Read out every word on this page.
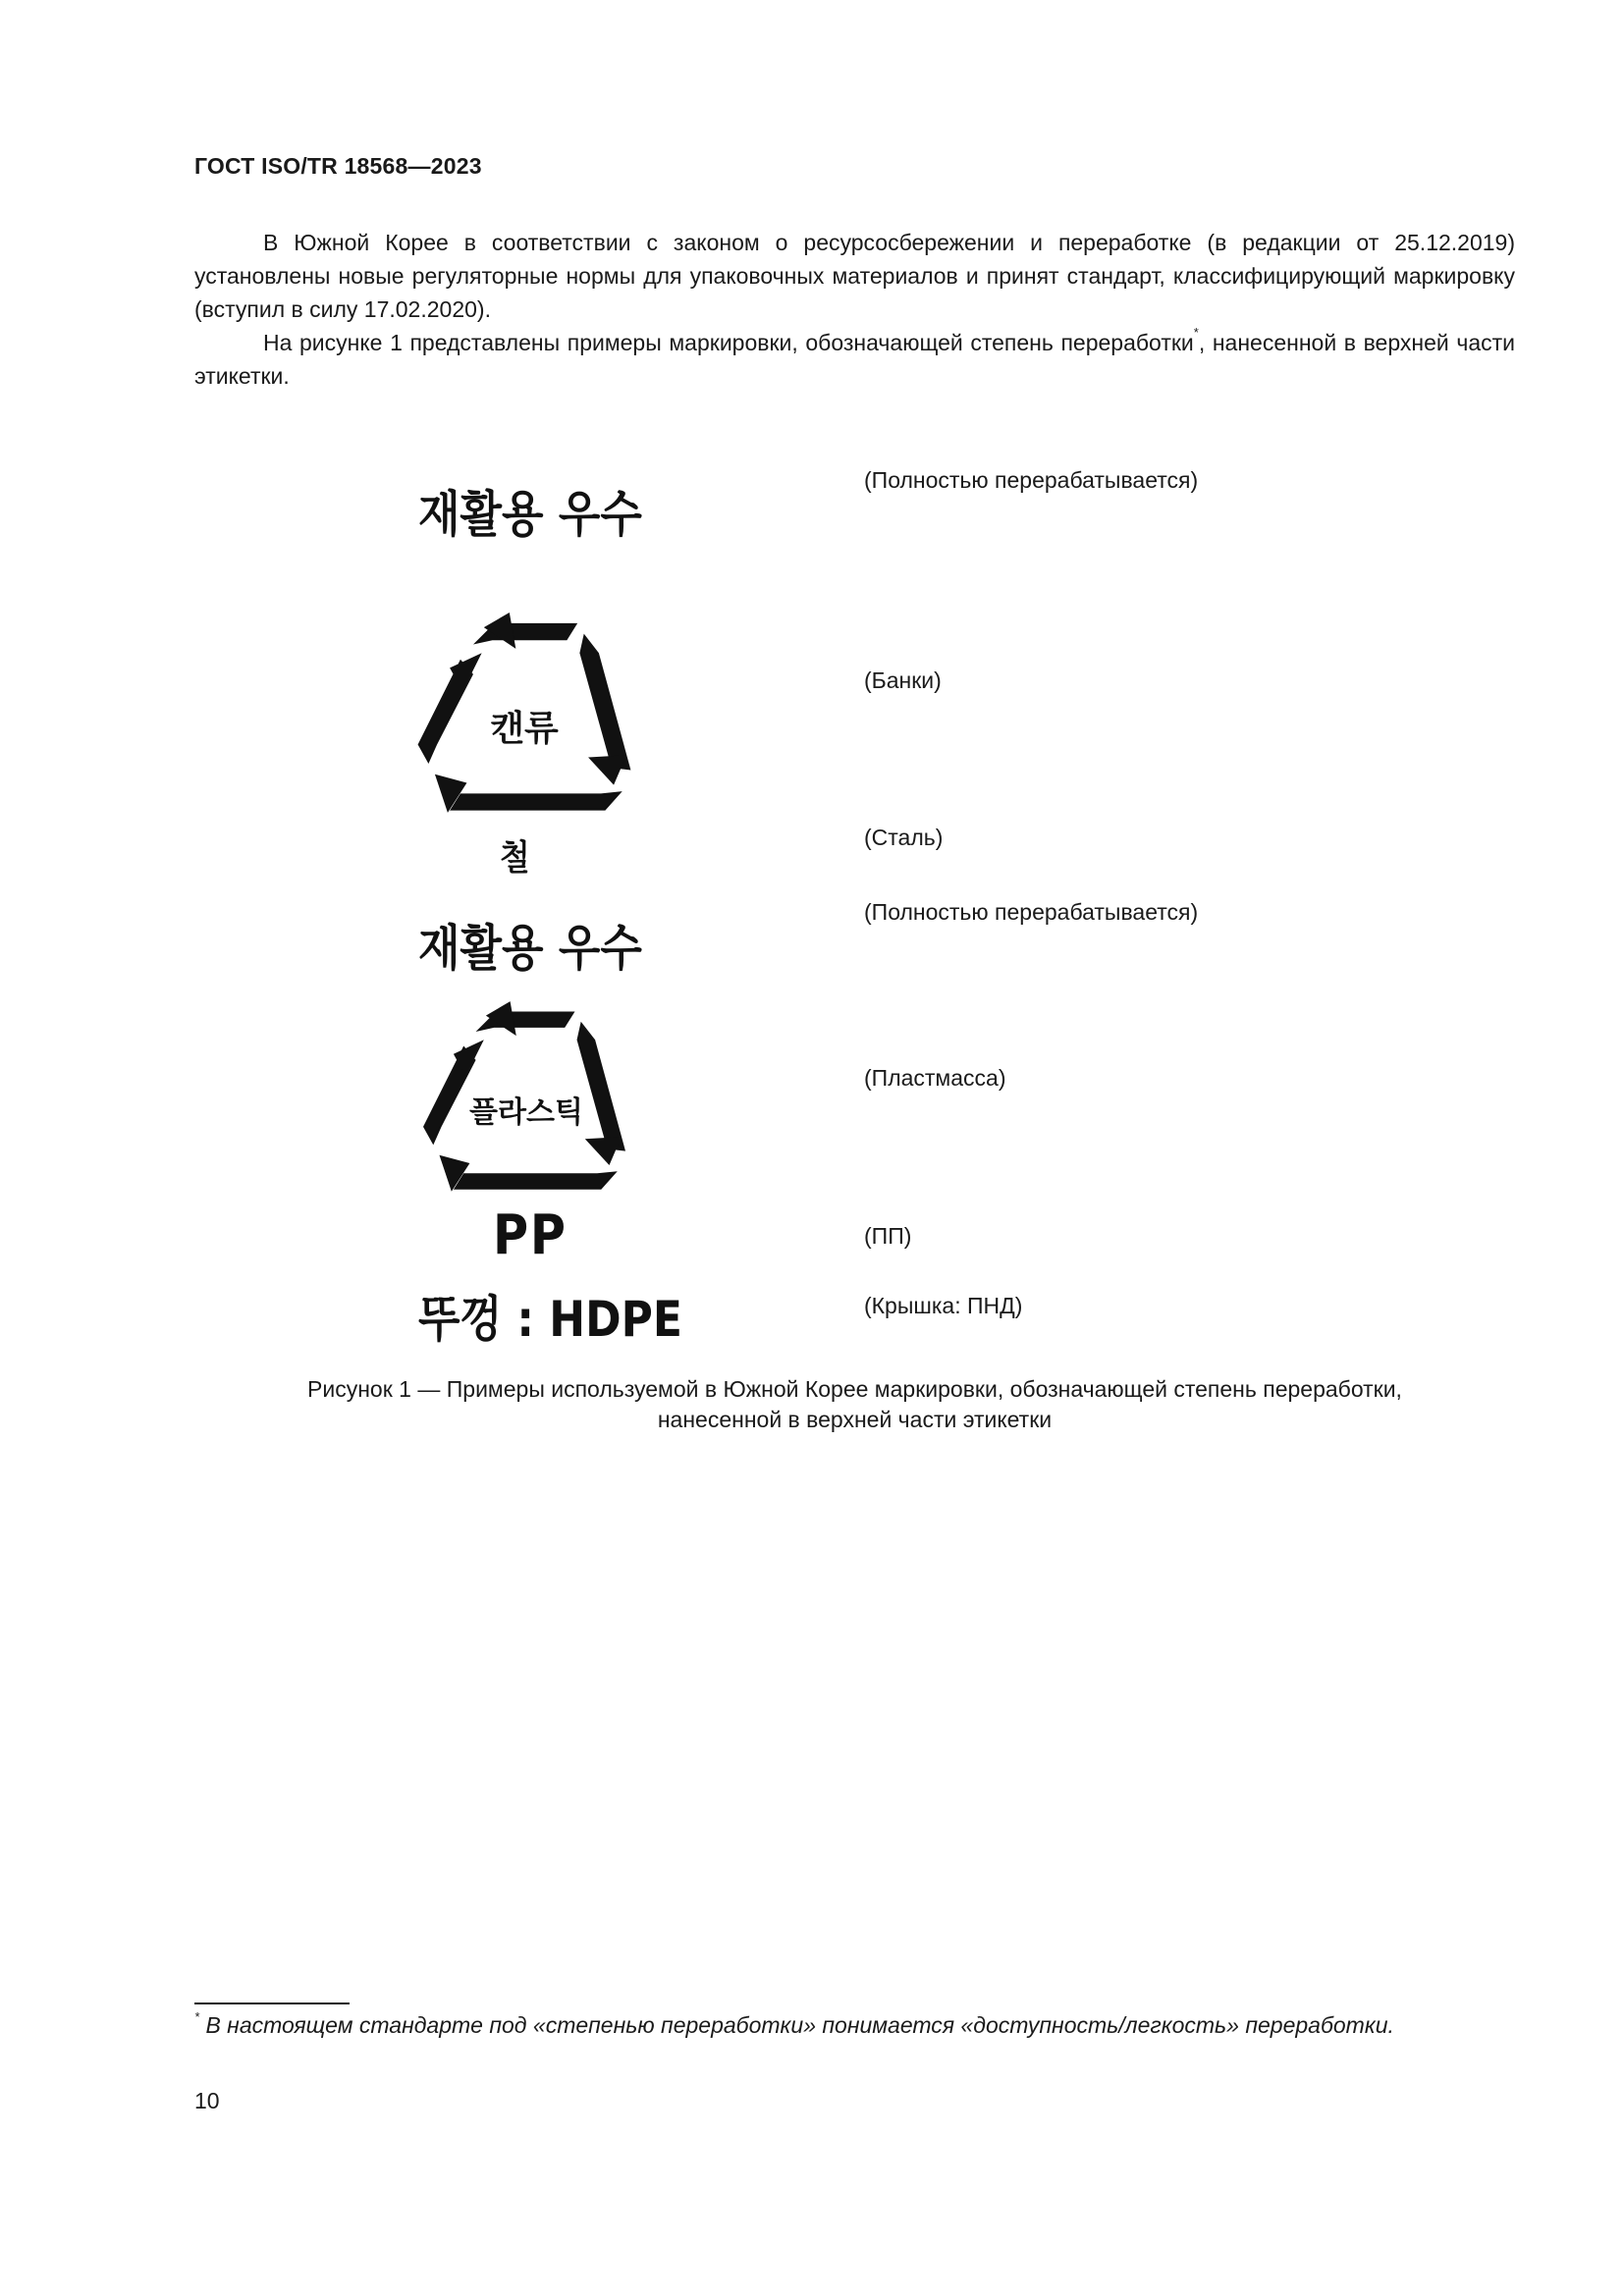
ГОСТ ISO/TR 18568—2023

В Южной Корее в соответствии с законом о ресурсосбережении и переработке (в редакции от 25.12.2019) установлены новые регуляторные нормы для упаковочных материалов и принят стандарт, классифицирующий маркировку (вступил в силу 17.02.2020).

На рисунке 1 представлены примеры маркировки, обозначающей степень переработки*, нанесенной в верхней части этикетки.

재활용 우수
(Полностью перерабатывается)
캔류
(Банки)
철
(Сталь)
재활용 우수
(Полностью перерабатывается)
플라스틱
(Пластмасса)
PP	(ПП)
뚜껑 : HDPE	(Крышка: ПНД)
Рисунок 1 — Примеры используемой в Южной Корее маркировки, обозначающей степень переработки,
нанесенной в верхней части этикетки

* В настоящем стандарте под «степенью переработки» понимается «доступность/легкость» переработки.

10
